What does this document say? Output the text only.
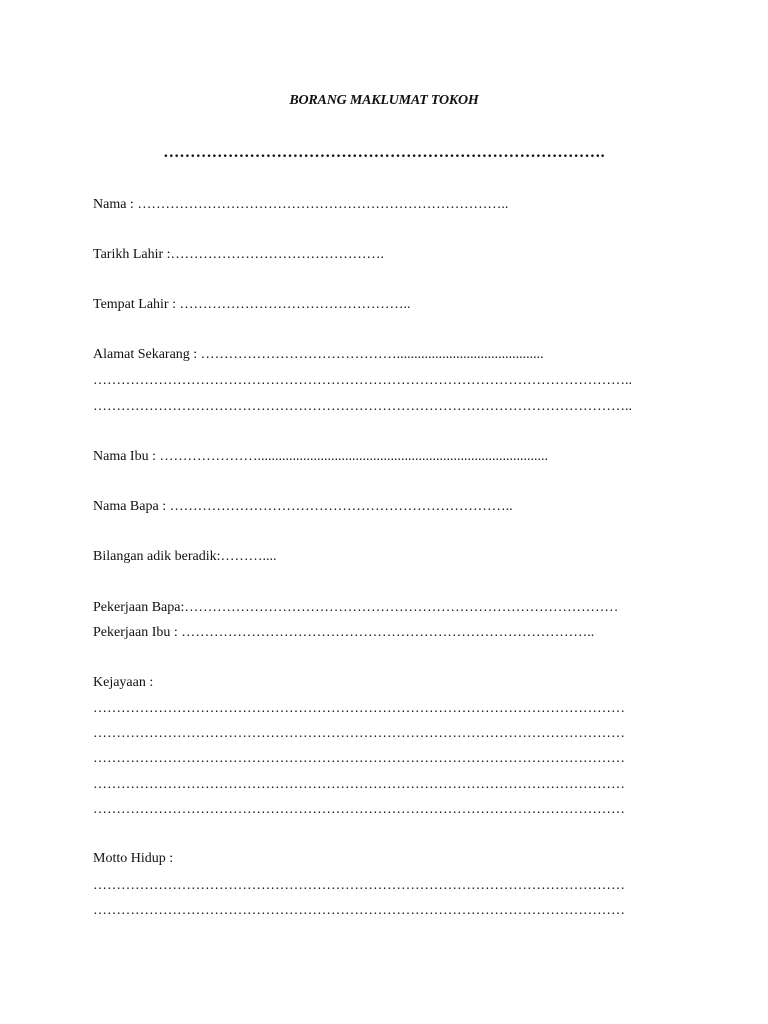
BORANG MAKLUMAT TOKOH
……………………………………………………………………….
Nama : ……………………………………………………………………..
Tarikh Lahir :……………………………………….
Tempat Lahir : …………………………………………..
Alamat Sekarang : ……………………………………..........................................
……………………………………………………………………………………………………..
……………………………………………………………………………………………………..
Nama Ibu : …………………...................................................................................
Nama Bapa : ………………………………………………………………..
Bilangan adik beradik:………....
Pekerjaan Bapa:…………………………………………………………………………………
Pekerjaan Ibu : ……………………………………………………………………………..
Kejayaan :
……………………………………………………………………………………………………
……………………………………………………………………………………………………
……………………………………………………………………………………………………
……………………………………………………………………………………………………
……………………………………………………………………………………………………
Motto Hidup :
……………………………………………………………………………………………………
……………………………………………………………………………………………………
